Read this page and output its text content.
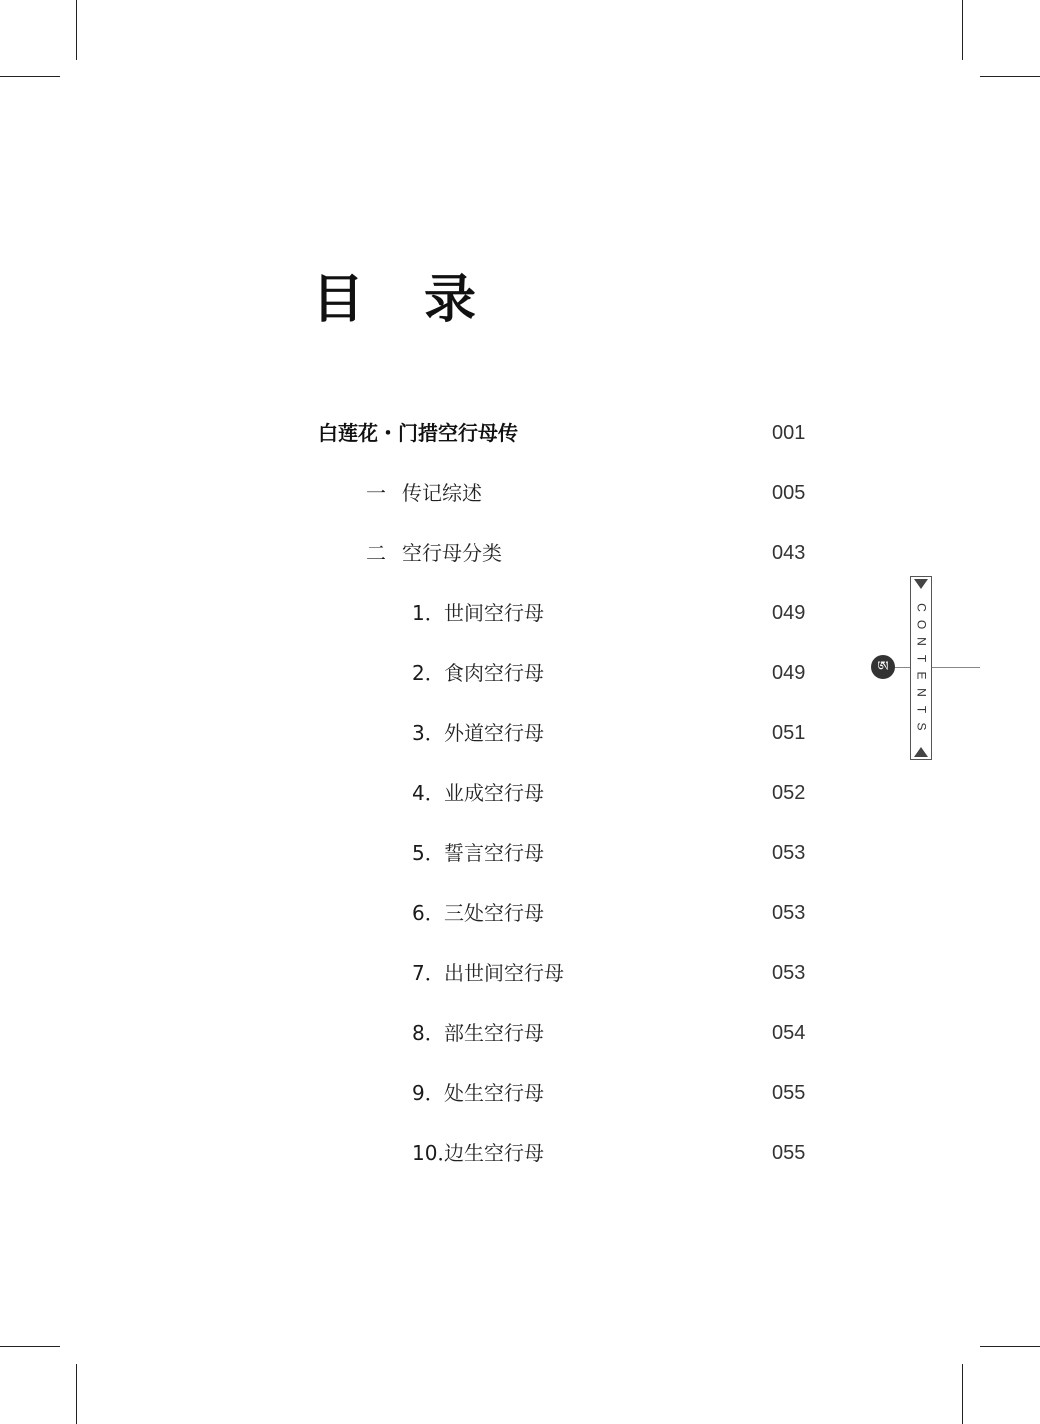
目 录
白莲花・门措空行母传	001
一 传记综述	005
二 空行母分类	043
1．世间空行母	049
2．食肉空行母	049
3．外道空行母	051
4．业成空行母	052
5．誓言空行母	053
6．三处空行母	053
7．出世间空行母	053
8．部生空行母	054
9．处生空行母	055
10．边生空行母	055
ཨ
C
O
N
T
E
N
T
S
